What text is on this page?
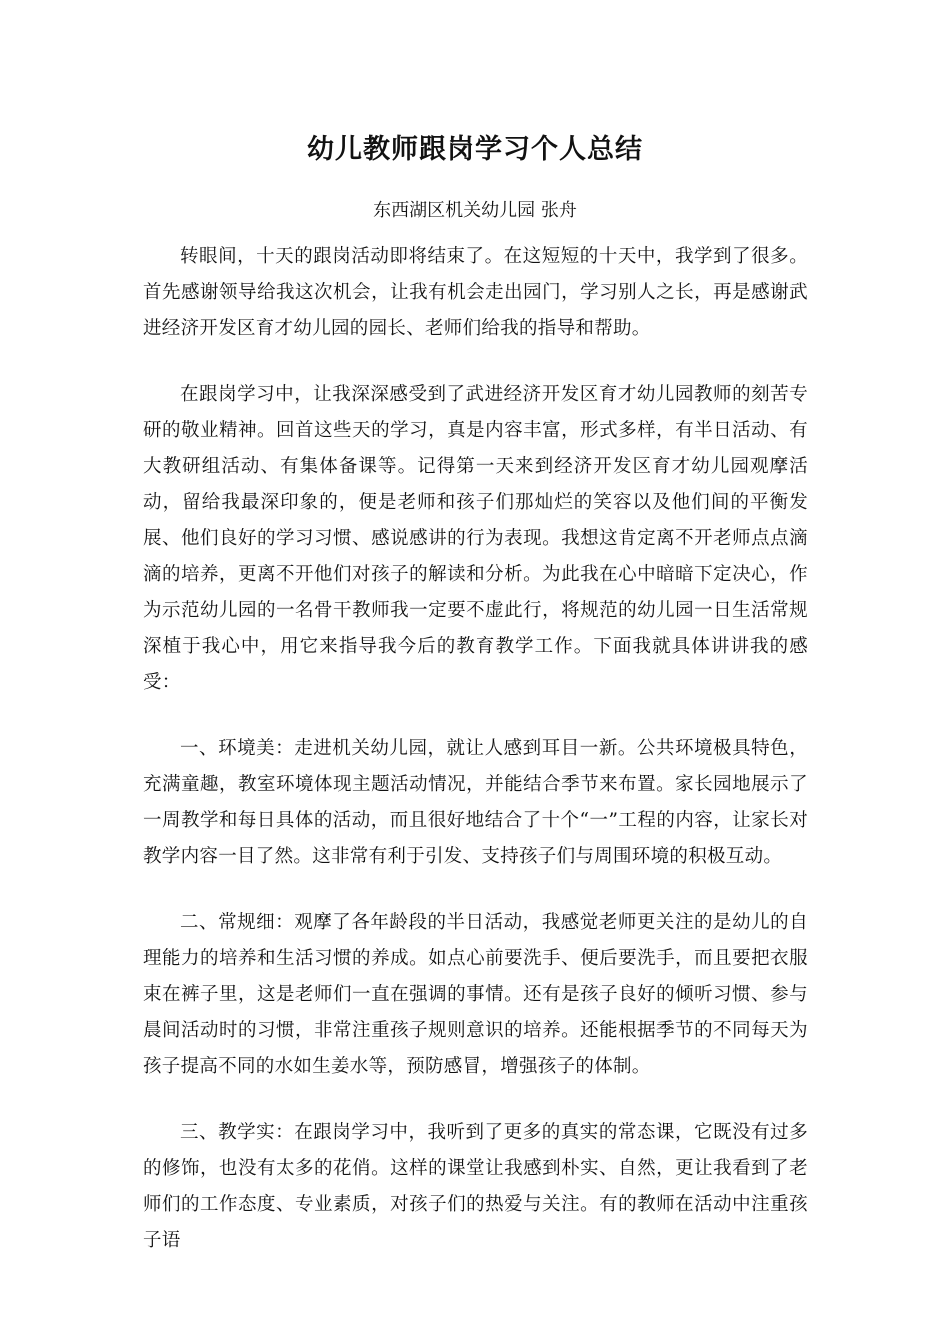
幼儿教师跟岗学习个人总结
东西湖区机关幼儿园 张舟

转眼间，十天的跟岗活动即将结束了。在这短短的十天中，我学到了很多。首先感谢领导给我这次机会，让我有机会走出园门，学习别人之长，再是感谢武进经济开发区育才幼儿园的园长、老师们给我的指导和帮助。

在跟岗学习中，让我深深感受到了武进经济开发区育才幼儿园教师的刻苦专研的敬业精神。回首这些天的学习，真是内容丰富，形式多样，有半日活动、有大教研组活动、有集体备课等。记得第一天来到经济开发区育才幼儿园观摩活动，留给我最深印象的，便是老师和孩子们那灿烂的笑容以及他们间的平衡发展、他们良好的学习习惯、感说感讲的行为表现。我想这肯定离不开老师点点滴滴的培养，更离不开他们对孩子的解读和分析。为此我在心中暗暗下定决心，作为示范幼儿园的一名骨干教师我一定要不虚此行，将规范的幼儿园一日生活常规深植于我心中，用它来指导我今后的教育教学工作。下面我就具体讲讲我的感受：

一、环境美：走进机关幼儿园，就让人感到耳目一新。公共环境极具特色，充满童趣，教室环境体现主题活动情况，并能结合季节来布置。家长园地展示了一周教学和每日具体的活动，而且很好地结合了十个“一”工程的内容，让家长对教学内容一目了然。这非常有利于引发、支持孩子们与周围环境的积极互动。

二、常规细：观摩了各年龄段的半日活动，我感觉老师更关注的是幼儿的自理能力的培养和生活习惯的养成。如点心前要洗手、便后要洗手，而且要把衣服束在裤子里，这是老师们一直在强调的事情。还有是孩子良好的倾听习惯、参与晨间活动时的习惯，非常注重孩子规则意识的培养。还能根据季节的不同每天为孩子提高不同的水如生姜水等，预防感冒，增强孩子的体制。

三、教学实：在跟岗学习中，我听到了更多的真实的常态课，它既没有过多的修饰，也没有太多的花俏。这样的课堂让我感到朴实、自然，更让我看到了老师们的工作态度、专业素质，对孩子们的热爱与关注。有的教师在活动中注重孩子语
